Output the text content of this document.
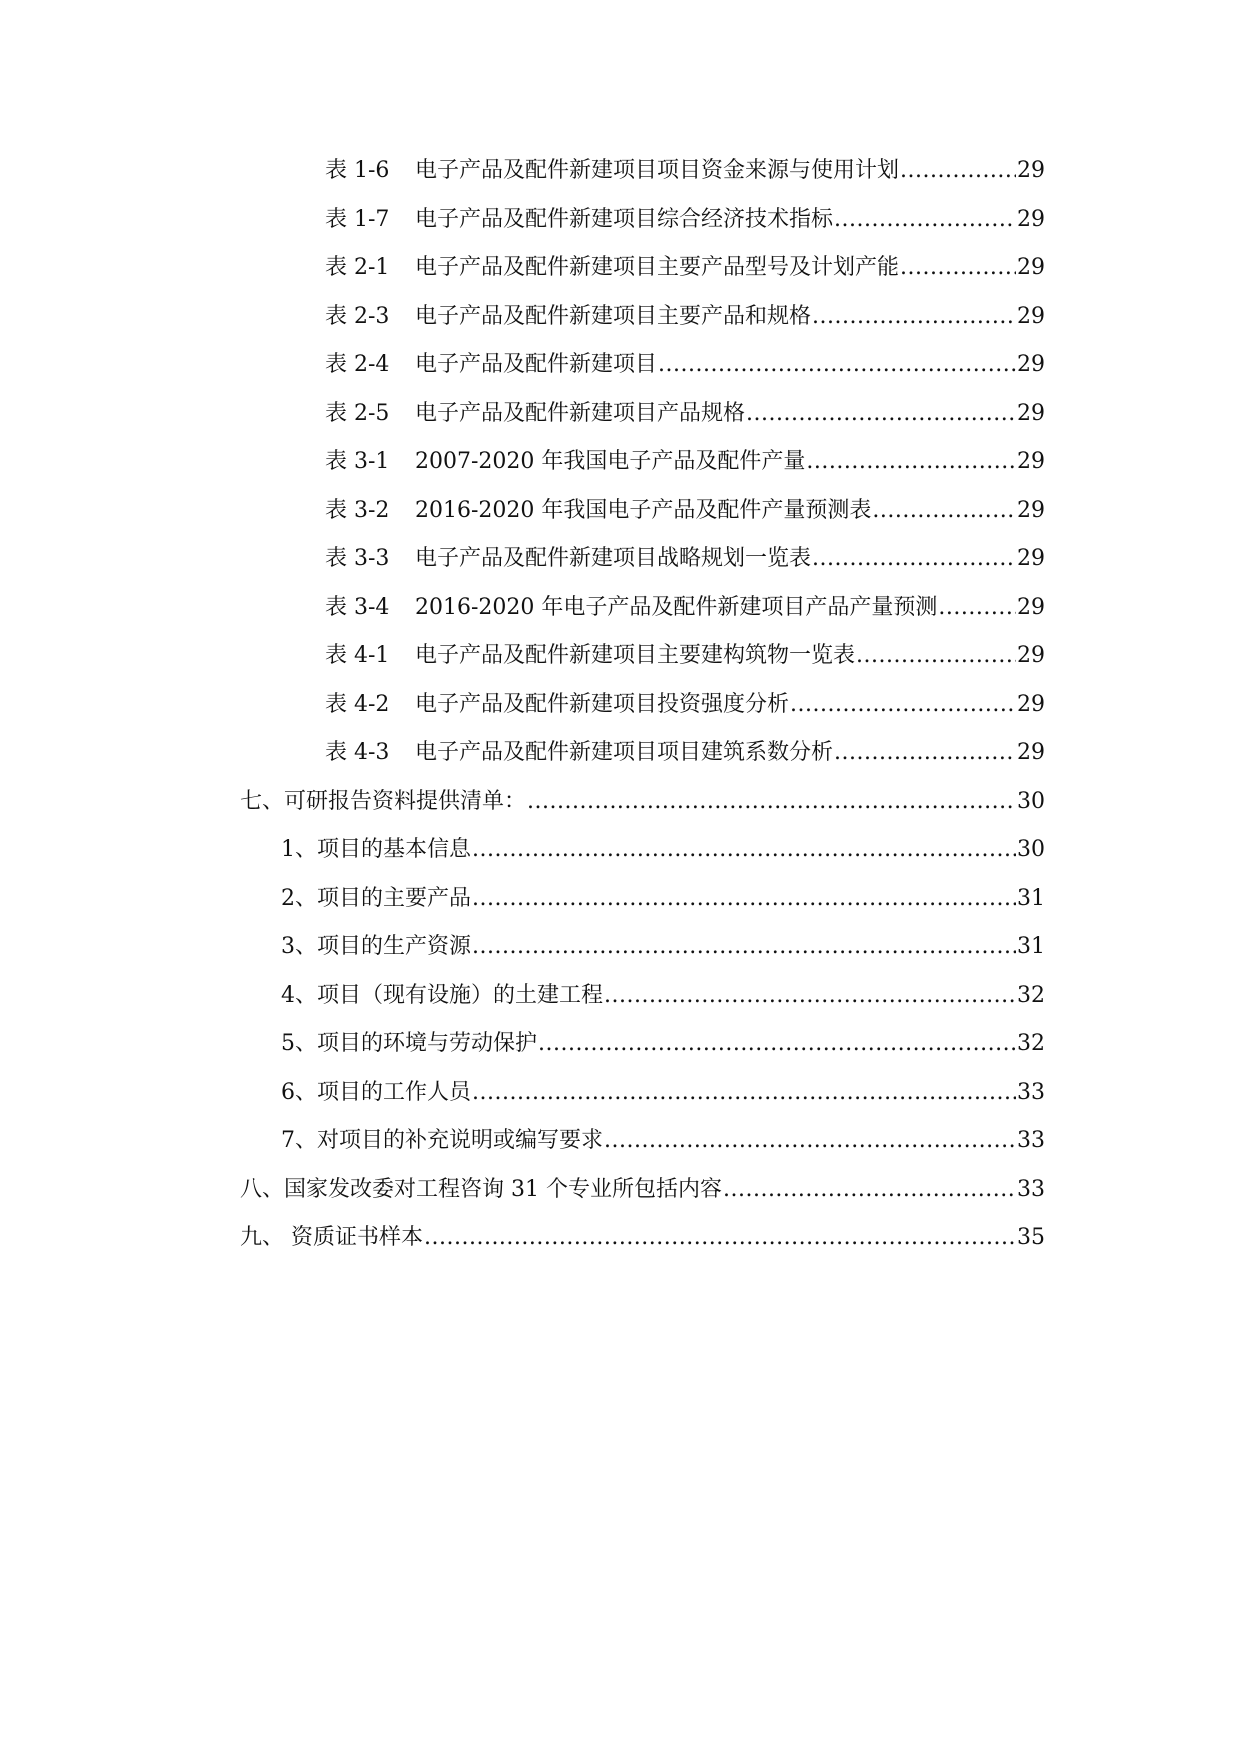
表 1-6	电子产品及配件新建项目项目资金来源与使用计划 .....	29
表 1-7	电子产品及配件新建项目综合经济技术指标 .....	29
表 2-1	电子产品及配件新建项目主要产品型号及计划产能 .....	29
表 2-3	电子产品及配件新建项目主要产品和规格 .....	29
表 2-4	电子产品及配件新建项目 .....	29
表 2-5	电子产品及配件新建项目产品规格 .....	29
表 3-1	2007-2020 年我国电子产品及配件产量 .....	29
表 3-2	2016-2020 年我国电子产品及配件产量预测表 .....	29
表 3-3	电子产品及配件新建项目战略规划一览表 .....	29
表 3-4	2016-2020 年电子产品及配件新建项目产品产量预测 .....	29
表 4-1	电子产品及配件新建项目主要建构筑物一览表 .....	29
表 4-2	电子产品及配件新建项目投资强度分析 .....	29
表 4-3	电子产品及配件新建项目项目建筑系数分析 .....	29
七、可研报告资料提供清单： .....	30
1、项目的基本信息 .....	30
2、项目的主要产品 .....	31
3、项目的生产资源 .....	31
4、项目（现有设施）的土建工程 .....	32
5、项目的环境与劳动保护 .....	32
6、项目的工作人员 .....	33
7、对项目的补充说明或编写要求 .....	33
八、国家发改委对工程咨询 31 个专业所包括内容 .....	33
九、 资质证书样本 .....	35
